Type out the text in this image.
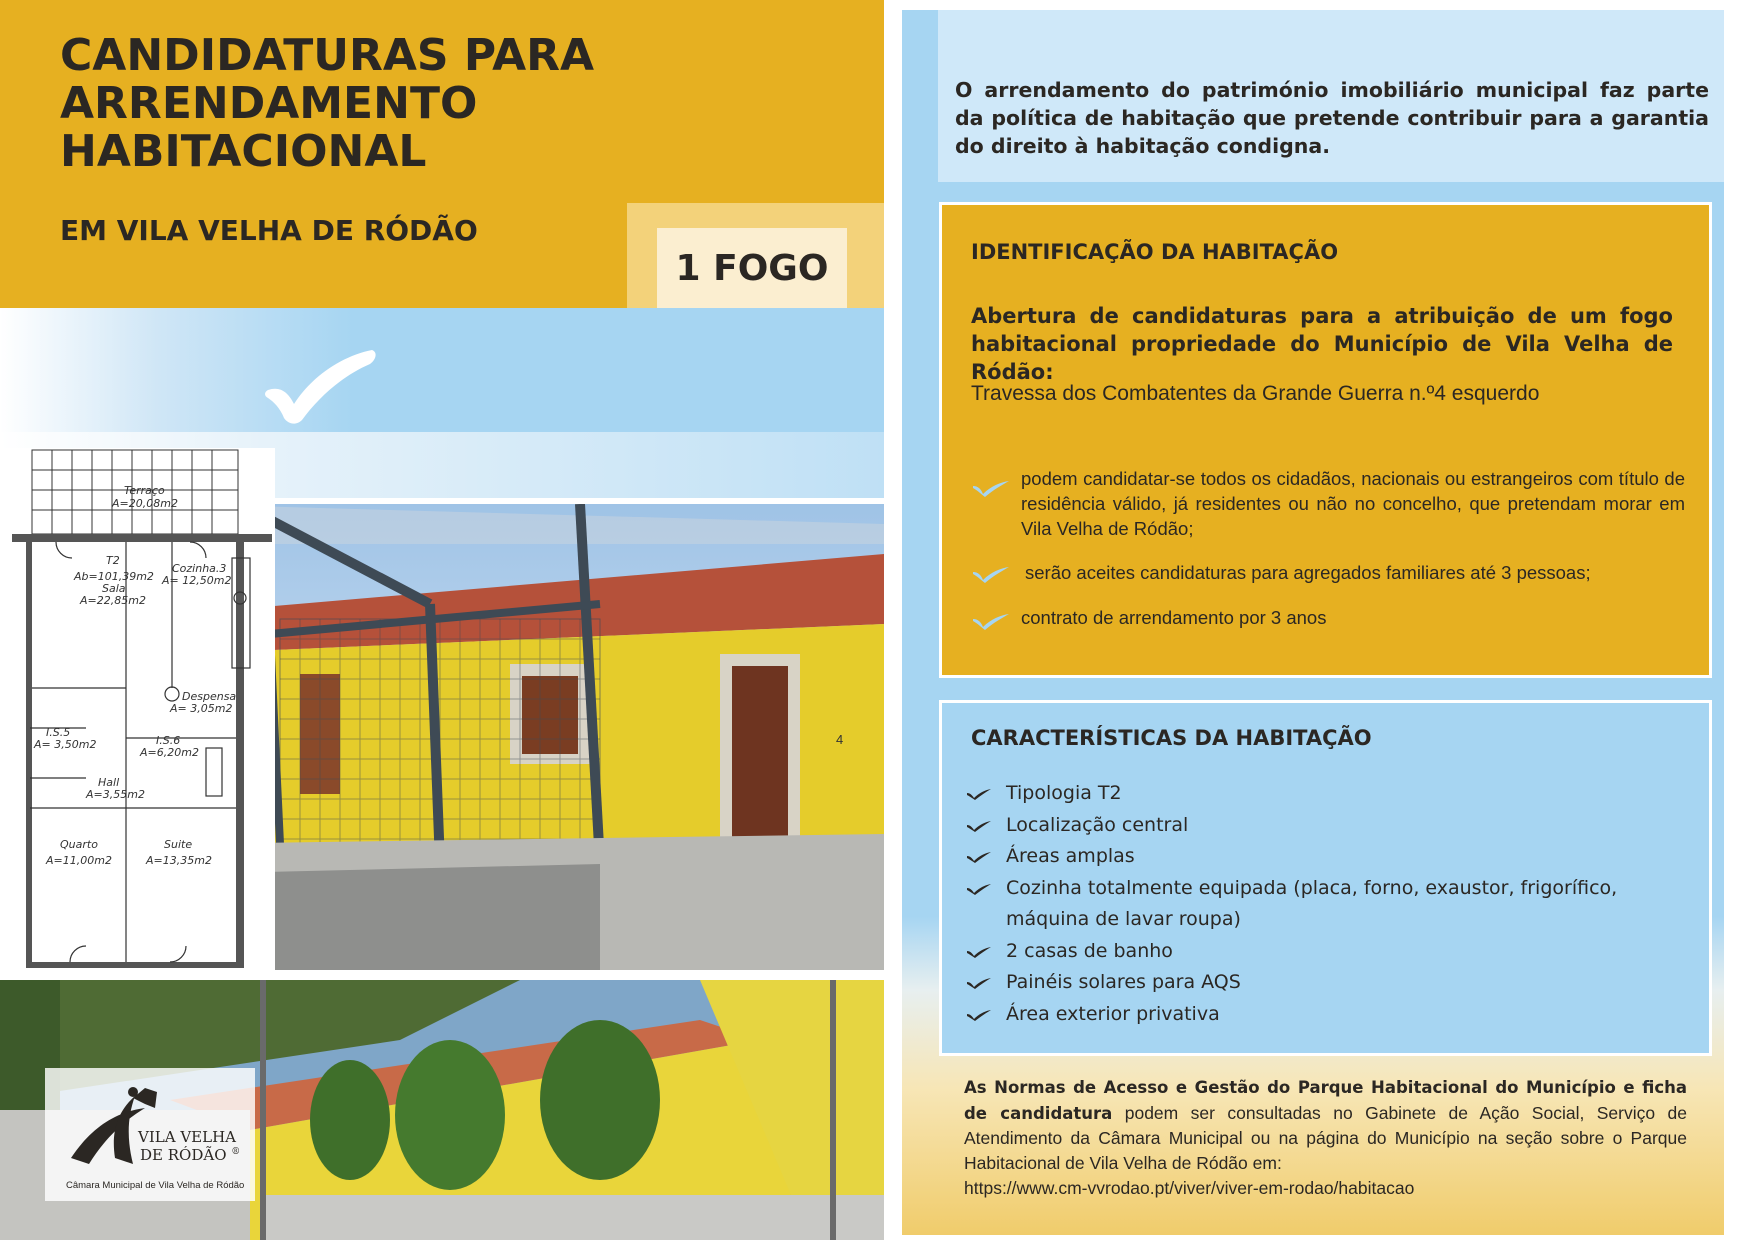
CANDIDATURAS PARA
ARRENDAMENTO
HABITACIONAL
EM VILA VELHA DE RÓDÃO
1 FOGO
4
Terraço
A=20,08m2
T2
Ab=101,39m2
Sala
A=22,85m2
Cozinha.3
A= 12,50m2
Despensa
A= 3,05m2
I.S.5
A= 3,50m2	I.S.6
A=6,20m2
Hall
A=3,55m2
Quarto
A=11,00m2
Suite
A=13,35m2
VILA VELHA
DE RÓDÃO ®
Câmara Municipal de Vila Velha de Ródão
O arrendamento do património imobiliário municipal faz parte da política de habitação que pretende contribuir para a garantia do direito à habitação condigna.
IDENTIFICAÇÃO DA HABITAÇÃO
Abertura de candidaturas para a atribuição de um fogo habitacional propriedade do Município de Vila Velha de Ródão:
Travessa dos Combatentes da Grande Guerra n.º4 esquerdo
podem candidatar-se todos os cidadãos, nacionais ou estrangeiros com título de residência válido, já residentes ou não no concelho, que pretendam morar em Vila Velha de Ródão;
serão aceites candidaturas para agregados familiares até 3 pessoas;
contrato de arrendamento por 3 anos
CARACTERÍSTICAS DA HABITAÇÃO
Tipologia T2
Localização central
Áreas amplas
Cozinha totalmente equipada (placa, forno, exaustor, frigorífico, máquina de lavar roupa)
2 casas de banho
Painéis solares para AQS
Área exterior privativa
As Normas de Acesso e Gestão do Parque Habitacional do Município e ficha de candidatura podem ser consultadas no Gabinete de Ação Social, Serviço de Atendimento da Câmara Municipal ou na página do Município na seção sobre o Parque Habitacional de Vila Velha de Ródão em:
https://www.cm-vvrodao.pt/viver/viver-em-rodao/habitacao
